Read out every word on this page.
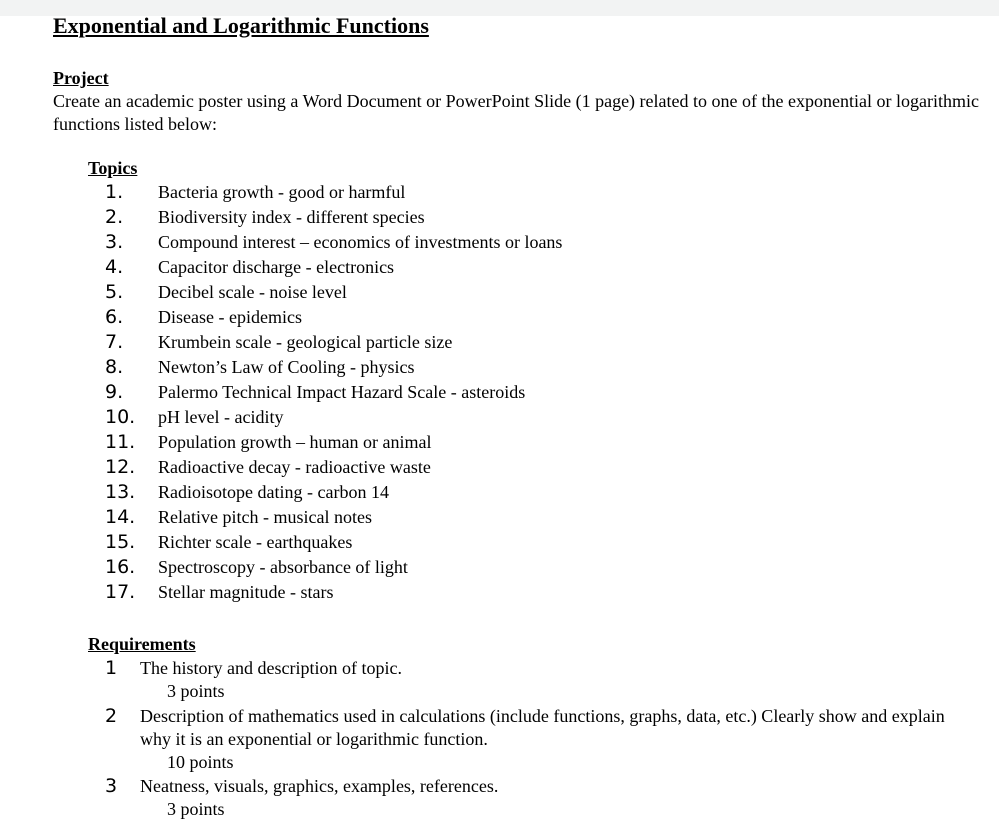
Exponential and Logarithmic Functions
Project

Create an academic poster using a Word Document or PowerPoint Slide (1 page) related to one of the exponential or logarithmic functions listed below:

Topics
1. Bacteria growth - good or harmful
2. Biodiversity index - different species
3. Compound interest – economics of investments or loans
4. Capacitor discharge - electronics
5. Decibel scale - noise level
6. Disease - epidemics
7. Krumbein scale - geological particle size
8. Newton’s Law of Cooling - physics
9. Palermo Technical Impact Hazard Scale - asteroids
10. pH level - acidity
11. Population growth – human or animal
12. Radioactive decay - radioactive waste
13. Radioisotope dating - carbon 14
14. Relative pitch - musical notes
15. Richter scale - earthquakes
16. Spectroscopy - absorbance of light
17. Stellar magnitude - stars
Requirements
1 The history and description of topic.

3 points
2 Description of mathematics used in calculations (include functions, graphs, data, etc.) Clearly show and explain why it is an exponential or logarithmic function.

10 points
3 Neatness, visuals, graphics, examples, references.

3 points
